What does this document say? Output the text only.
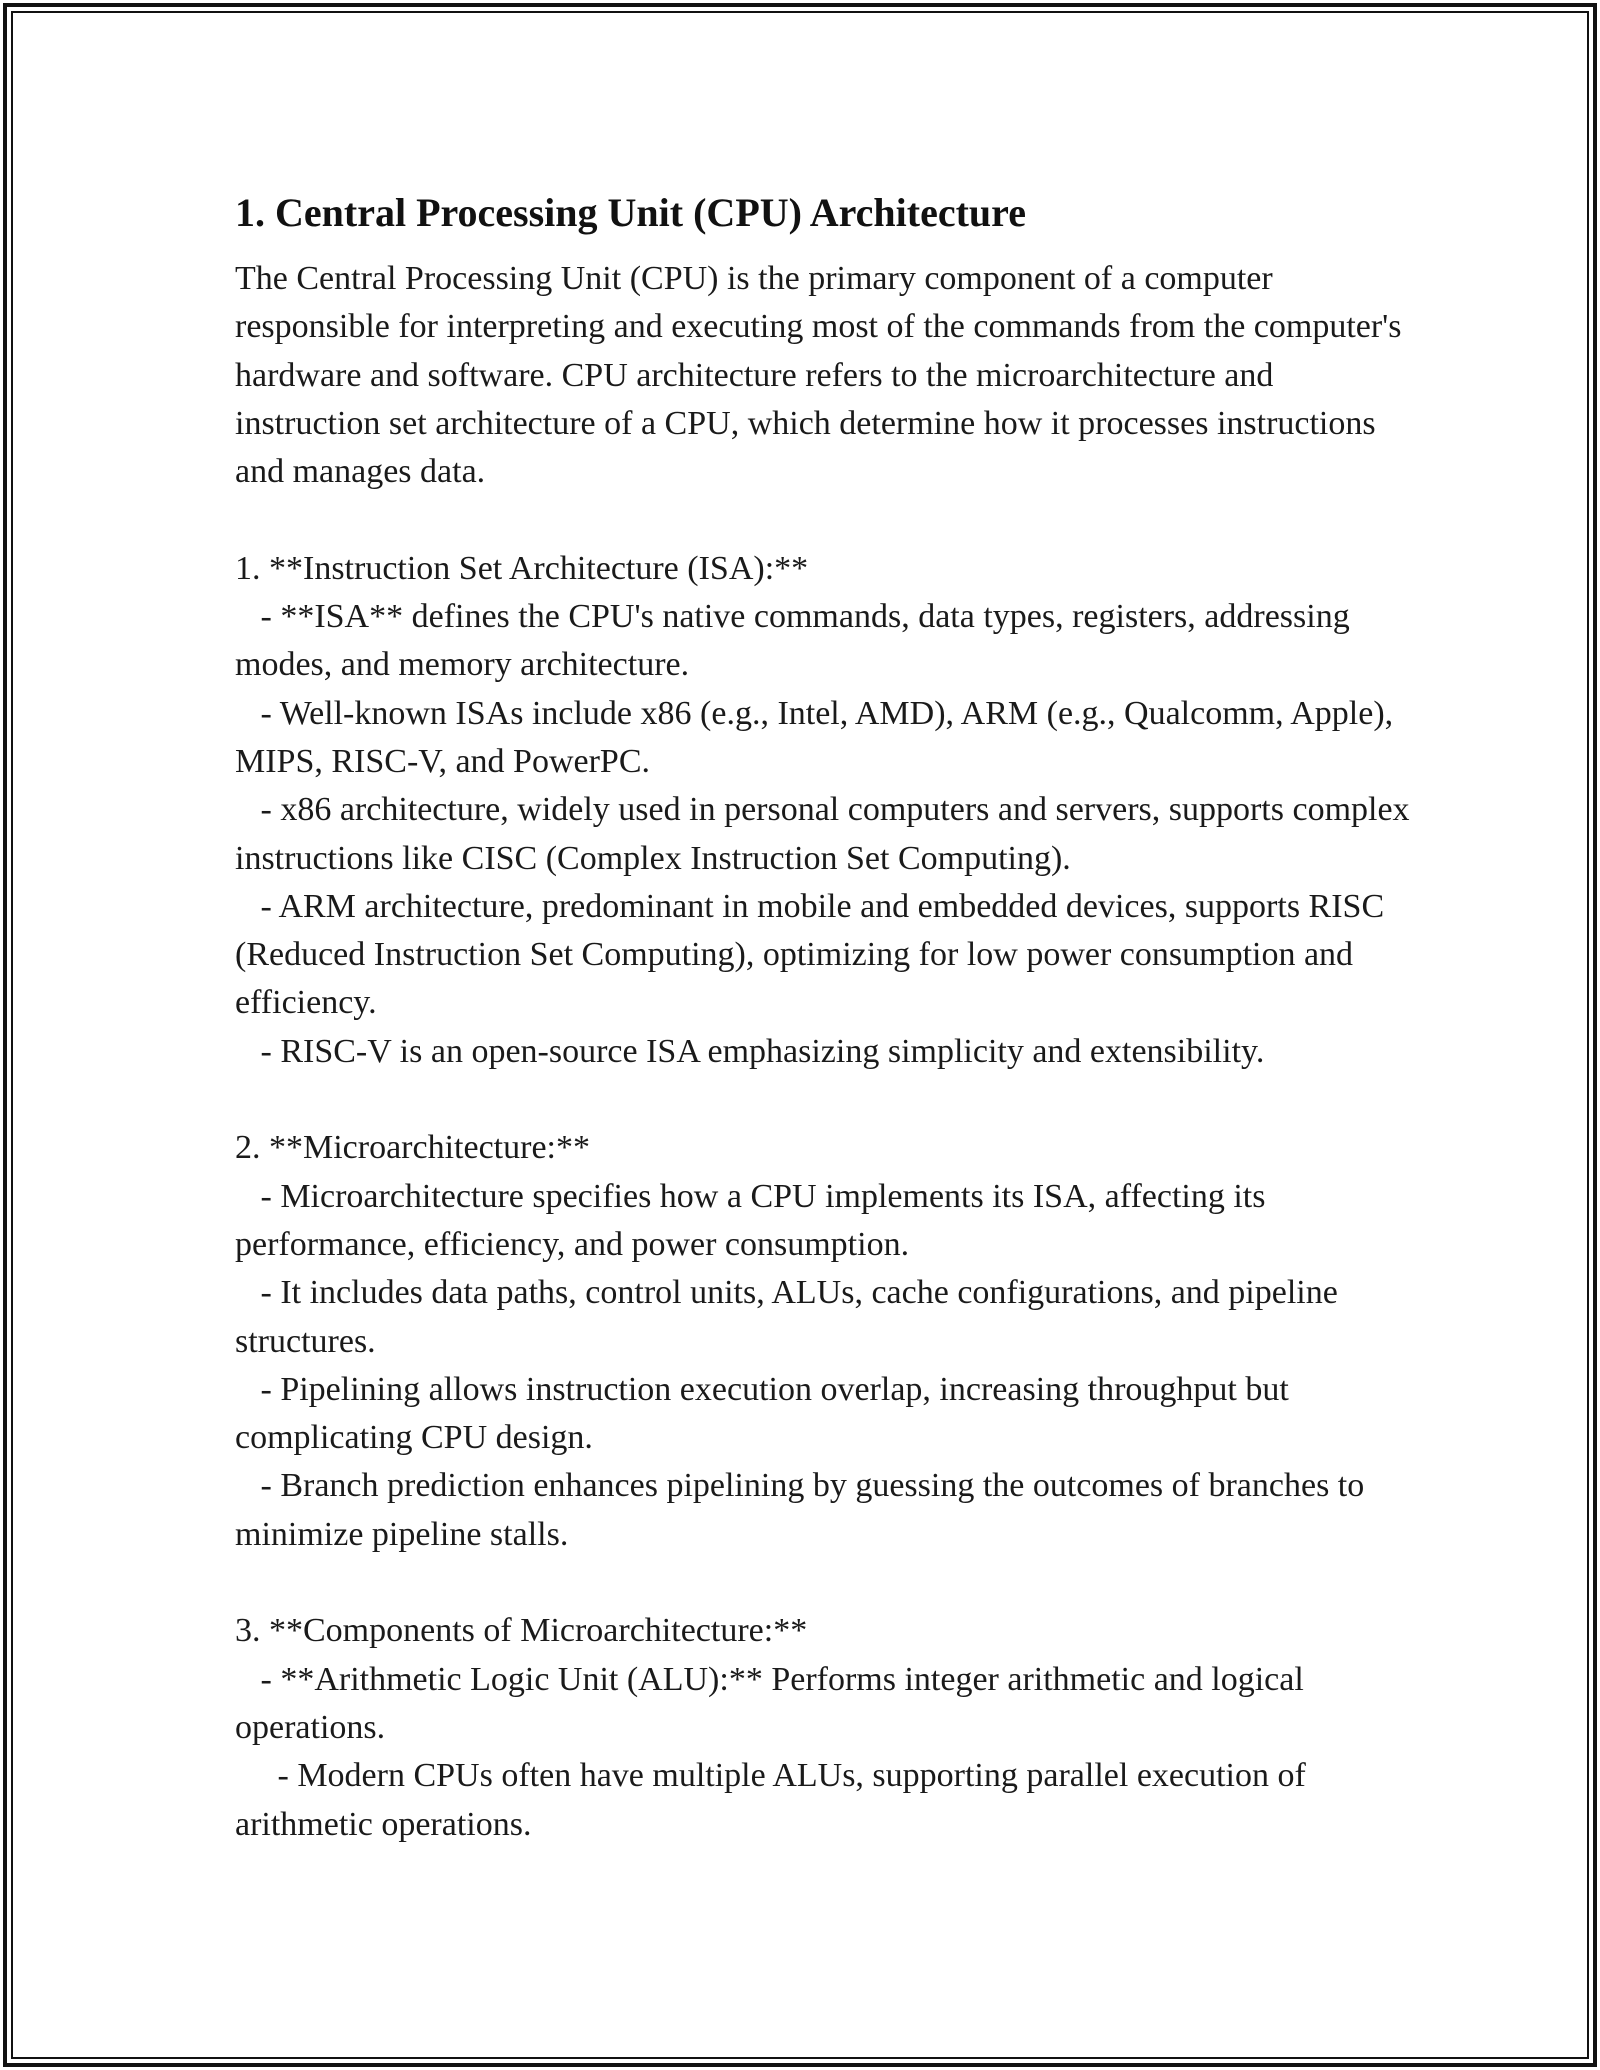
1. Central Processing Unit (CPU) Architecture

The Central Processing Unit (CPU) is the primary component of a computer responsible for interpreting and executing most of the commands from the computer's hardware and software. CPU architecture refers to the microarchitecture and instruction set architecture of a CPU, which determine how it processes instructions and manages data.

1. **Instruction Set Architecture (ISA):**

- **ISA** defines the CPU's native commands, data types, registers, addressing modes, and memory architecture.

- Well-known ISAs include x86 (e.g., Intel, AMD), ARM (e.g., Qualcomm, Apple), MIPS, RISC-V, and PowerPC.

- x86 architecture, widely used in personal computers and servers, supports complex instructions like CISC (Complex Instruction Set Computing).

- ARM architecture, predominant in mobile and embedded devices, supports RISC (Reduced Instruction Set Computing), optimizing for low power consumption and efficiency.

- RISC-V is an open-source ISA emphasizing simplicity and extensibility.

2. **Microarchitecture:**

- Microarchitecture specifies how a CPU implements its ISA, affecting its performance, efficiency, and power consumption.

- It includes data paths, control units, ALUs, cache configurations, and pipeline structures.

- Pipelining allows instruction execution overlap, increasing throughput but complicating CPU design.

- Branch prediction enhances pipelining by guessing the outcomes of branches to minimize pipeline stalls.

3. **Components of Microarchitecture:**

- **Arithmetic Logic Unit (ALU):** Performs integer arithmetic and logical operations.

- Modern CPUs often have multiple ALUs, supporting parallel execution of arithmetic operations.
